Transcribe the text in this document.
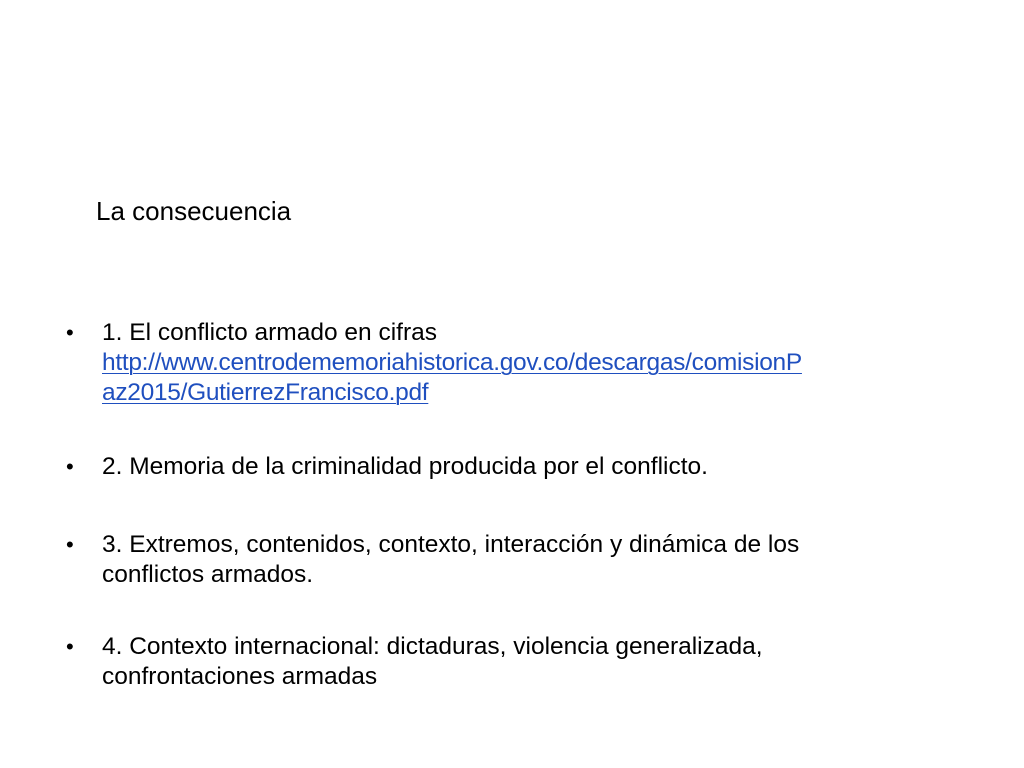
La consecuencia
•	1. El conflicto armado en cifras
http://www.centrodememoriahistorica.gov.co/descargas/comisionP
az2015/GutierrezFrancisco.pdf
•	2. Memoria de la criminalidad producida por el conflicto.
•	3. Extremos, contenidos, contexto, interacción y dinámica de los
conflictos armados.
•	4. Contexto internacional: dictaduras, violencia generalizada,
confrontaciones armadas
